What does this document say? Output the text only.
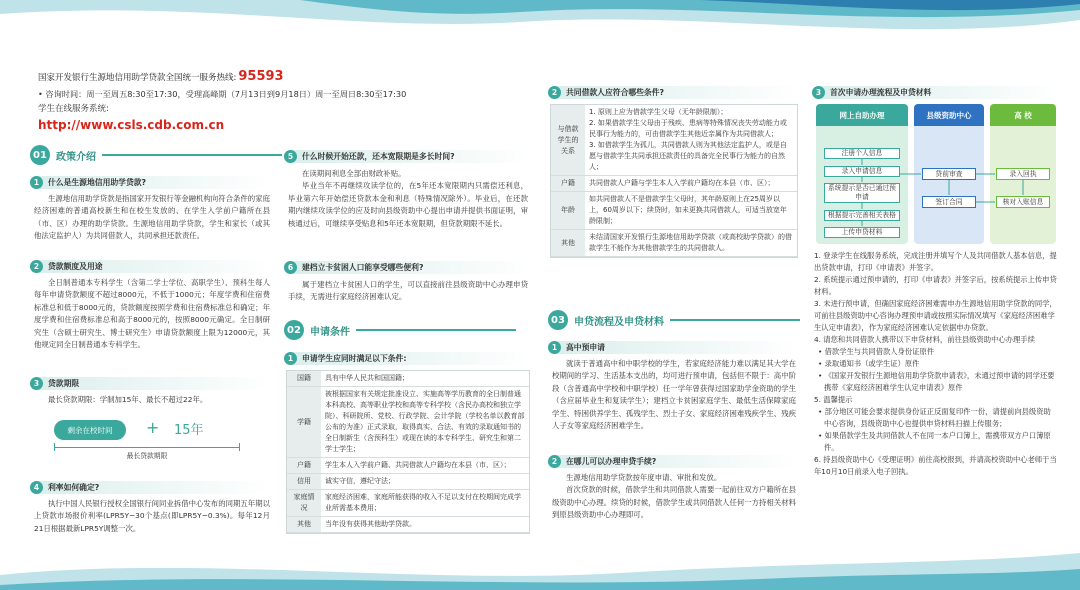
国家开发银行生源地信用助学贷款全国统一服务热线: 95593
• 咨询时间：周一至周五8:30至17:30，受理高峰期（7月13日到9月18日）周一至周日8:30至17:30
学生在线服务系统: http://www.csls.cdb.com.cn
01 政策介绍
1	什么是生源地信用助学贷款?

生源地信用助学贷款是指国家开发银行等金融机构向符合条件的家庭经济困难的普通高校新生和在校生发放的、在学生入学前户籍所在县（市、区）办理的助学贷款。生源地信用助学贷款，学生和家长（或其他法定监护人）为共同借款人，共同承担还款责任。

2	贷款额度及用途

全日制普通本专科学生（含第二学士学位、高职学生）、预科生每人每年申请贷款额度不超过8000元，不低于1000元；年度学费和住宿费标准总和低于8000元的，贷款额度按照学费和住宿费标准总和确定；年度学费和住宿费标准总和高于8000元的，按照8000元确定。全日制研究生（含硕士研究生、博士研究生）申请贷款额度上限为12000元，其他规定同全日制普通本专科学生。

3	贷款期限

最长贷款期限：学制加15年、最长不超过22年。

剩余在校时间	+ 15年
最长贷款期限
4	利率如何确定?

执行中国人民银行授权全国银行间同业拆借中心发布的同期五年期以上贷款市场报价利率(LPR5Y−30个基点(即LPR5Y−0.3%)。每年12月21日根据最新LPR5Y调整一次。

5	什么时候开始还款，还本宽限期是多长时间?

在读期间利息全部由财政补贴。

毕业当年不再继续攻读学位的，在5年还本宽限期内只需偿还利息，毕业第六年开始偿还贷款本金和利息（特殊情况除外）。毕业后，在还款期内继续攻读学位的应及时向县级资助中心提出申请并提供书面证明，审核通过后，可继续享受贴息和5年还本宽限期，但贷款期限不延长。

6	建档立卡贫困人口能享受哪些便利?

属于建档立卡贫困人口的学生，可以直接前往县级资助中心办理申贷手续，无需进行家庭经济困难认定。

02 申请条件
1	申请学生应同时满足以下条件:
国籍	具有中华人民共和国国籍；
学籍	被根据国家有关规定批准设立、实施高等学历教育的全日制普通本科高校、高等职业学校和高等专科学校（含民办高校和独立学院）、科研院所、党校、行政学院、会计学院（学校名单以教育部公布的为准）正式录取，取得真实、合法、有效的录取通知书的全日制新生（含预科生）或现在读的本专科学生、研究生和第二学士学生；
户籍	学生本人入学前户籍、共同借款人户籍均在本县（市、区）；
信用	诚实守信，遵纪守法；
家庭情况	家庭经济困难，家庭所能获得的收入不足以支付在校期间完成学业所需基本费用；
其他	当年没有获得其他助学贷款。
2	共同借款人应符合哪些条件?
与借款学生的关系	1. 原则上应为借款学生父母（无年龄限制）；
2. 如果借款学生父母由于残疾、患病等特殊情况丧失劳动能力或民事行为能力的，可由借款学生其他近亲属作为共同借款人；
3. 如借款学生为孤儿，共同借款人则为其他法定监护人，或是自愿与借款学生共同承担还款责任的具备完全民事行为能力的自然人；
户籍	共同借款人户籍与学生本人入学前户籍均在本县（市、区）；
年龄	如共同借款人不是借款学生父母时，其年龄原则上在25周岁以上，60周岁以下；续贷时，如未更换共同借款人，可适当放宽年龄限制；
其他	未结清国家开发银行生源地信用助学贷款（或高校助学贷款）的借款学生不能作为其他借款学生的共同借款人。
03 申贷流程及申贷材料
1	高中预申请

就读于普通高中和中职学校的学生，若家庭经济能力难以满足其大学在校期间的学习、生活基本支出的，均可进行预申请，包括但不限于：高中阶段（含普通高中学校和中职学校）任一学年曾获得过国家助学金资助的学生（含应届毕业生和复读学生）；建档立卡贫困家庭学生、最低生活保障家庭学生、特困供养学生、孤残学生、烈士子女、家庭经济困难残疾学生、残疾人子女等家庭经济困难学生。

2	在哪儿可以办理申贷手续?

生源地信用助学贷款按年度申请、审批和发放。

首次贷款的时候，借款学生和共同借款人需要一起前往双方户籍所在县级资助中心办理。续贷的时候，借款学生或共同借款人任何一方持相关材料到原县级资助中心办理即可。

3	首次申请办理流程及申贷材料
网上自助办理	县级资助中心	高 校
注册个人信息
录入申请信息
系统提示是否已通过预申请
根据提示完善相关表格
上传申贷材料
贷前审查
签订合同
录入回执
核对入账信息
1. 登录学生在线服务系统，完成注册并填写个人及共同借款人基本信息，提出贷款申请，打印《申请表》并签字。
2. 系统提示通过预申请的，打印《申请表》并签字后，按系统提示上传申贷材料。
3. 未进行预申请，但确因家庭经济困难需申办生源地信用助学贷款的同学，可前往县级资助中心咨询办理预申请或按照实际情况填写《家庭经济困难学生认定申请表》，作为家庭经济困难认定依据申办贷款。
4. 请您和共同借款人携带以下申贷材料，前往县级资助中心办理手续
• 借款学生与共同借款人身份证原件
• 录取通知书（或学生证）原件
• 《国家开发银行生源地信用助学贷款申请表》，未通过预申请的同学还要携带《家庭经济困难学生认定申请表》原件
5. 温馨提示
• 部分地区可能会要求提供身份证正反面复印件一份，请提前向县级资助中心咨询，县级资助中心也提供申贷材料扫描上传服务；
• 如果借款学生及共同借款人不在同一本户口簿上，需携带双方户口簿原件。
6. 持县级资助中心《受理证明》前往高校报到，并请高校资助中心老师于当年10月10日前录入电子回执。
